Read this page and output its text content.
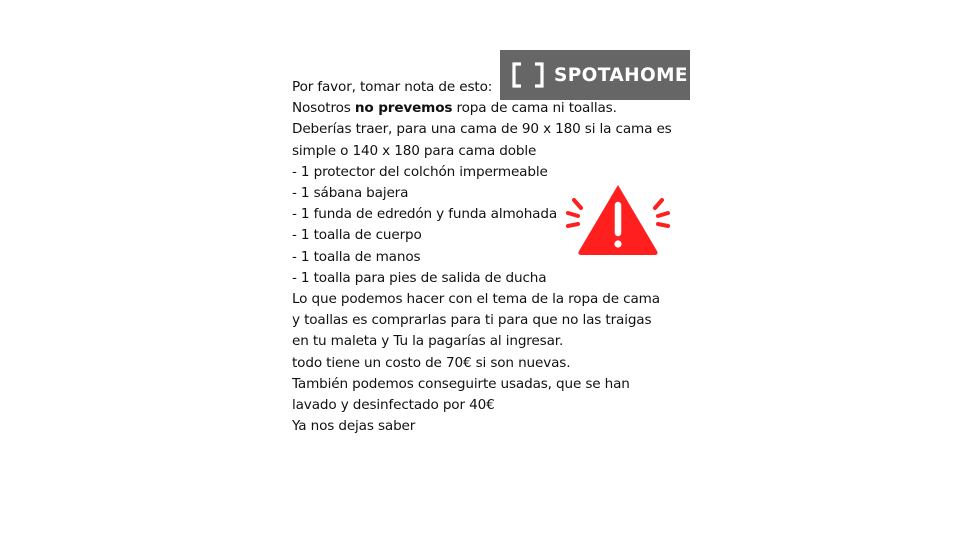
Por favor, tomar nota de esto:
Nosotros no prevemos ropa de cama ni toallas.
Deberías traer, para una cama de 90 x 180 si la cama es
simple o 140 x 180 para cama doble
- 1 protector del colchón impermeable
- 1 sábana bajera
- 1 funda de edredón y funda almohada
- 1 toalla de cuerpo
- 1 toalla de manos
- 1 toalla para pies de salida de ducha
Lo que podemos hacer con el tema de la ropa de cama
y toallas es comprarlas para ti para que no las traigas
en tu maleta y Tu la pagarías al ingresar.
todo tiene un costo de 70€ si son nuevas.
También podemos conseguirte usadas, que se han
lavado y desinfectado por 40€
Ya nos dejas saber
SPOTAHOME
